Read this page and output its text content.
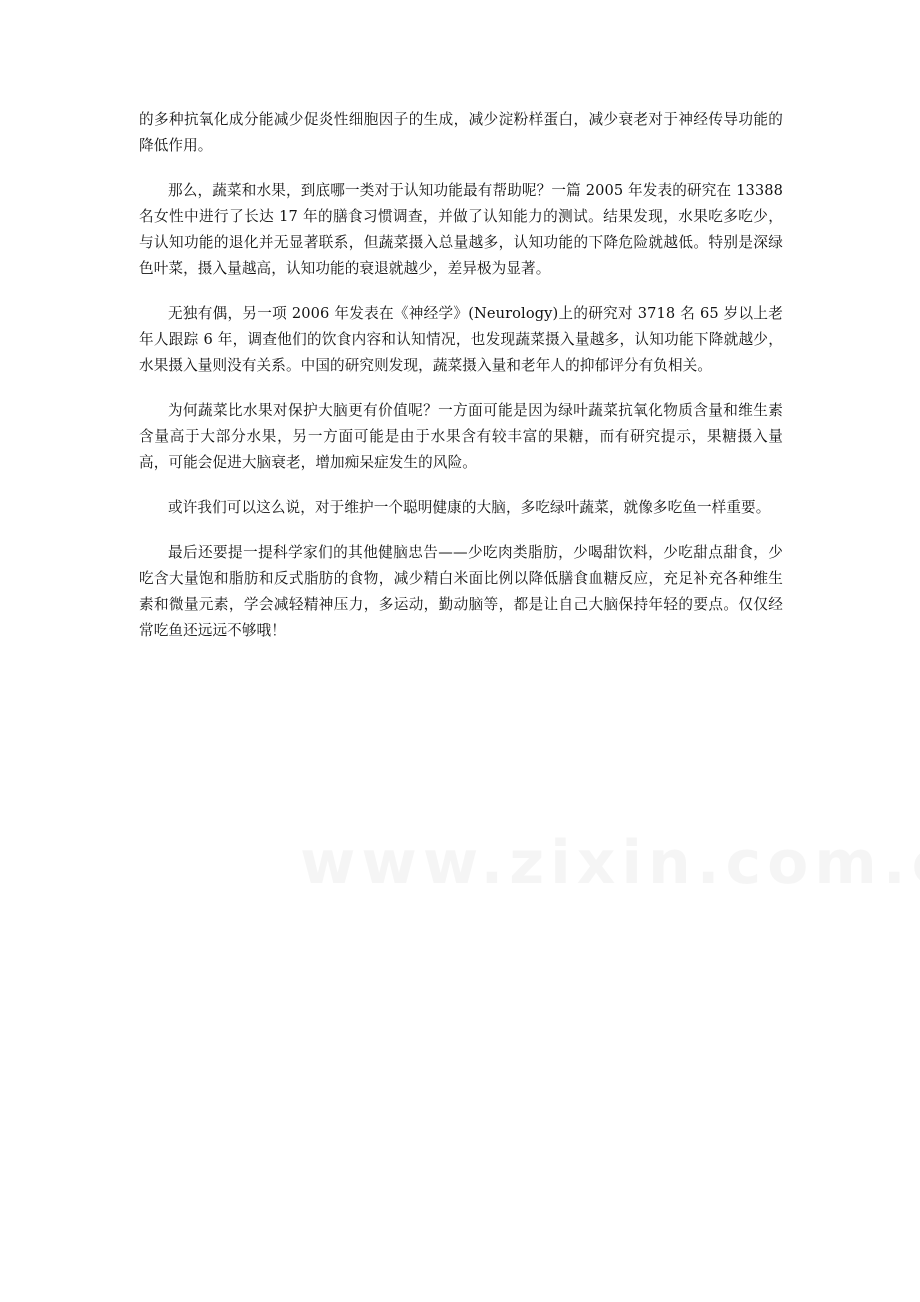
的多种抗氧化成分能减少促炎性细胞因子的生成，减少淀粉样蛋白，减少衰老对于神经传导功能的降低作用。

那么，蔬菜和水果，到底哪一类对于认知功能最有帮助呢？一篇 2005 年发表的研究在 13388 名女性中进行了长达 17 年的膳食习惯调查，并做了认知能力的测试。结果发现，水果吃多吃少，与认知功能的退化并无显著联系，但蔬菜摄入总量越多，认知功能的下降危险就越低。特别是深绿色叶菜，摄入量越高，认知功能的衰退就越少，差异极为显著。

无独有偶，另一项 2006 年发表在《神经学》(Neurology)上的研究对 3718 名 65 岁以上老年人跟踪 6 年，调查他们的饮食内容和认知情况，也发现蔬菜摄入量越多，认知功能下降就越少，水果摄入量则没有关系。中国的研究则发现，蔬菜摄入量和老年人的抑郁评分有负相关。

为何蔬菜比水果对保护大脑更有价值呢？一方面可能是因为绿叶蔬菜抗氧化物质含量和维生素含量高于大部分水果，另一方面可能是由于水果含有较丰富的果糖，而有研究提示，果糖摄入量高，可能会促进大脑衰老，增加痴呆症发生的风险。

或许我们可以这么说，对于维护一个聪明健康的大脑，多吃绿叶蔬菜，就像多吃鱼一样重要。

最后还要提一提科学家们的其他健脑忠告——少吃肉类脂肪，少喝甜饮料，少吃甜点甜食，少吃含大量饱和脂肪和反式脂肪的食物，减少精白米面比例以降低膳食血糖反应，充足补充各种维生素和微量元素，学会减轻精神压力，多运动，勤动脑等，都是让自己大脑保持年轻的要点。仅仅经常吃鱼还远远不够哦！
